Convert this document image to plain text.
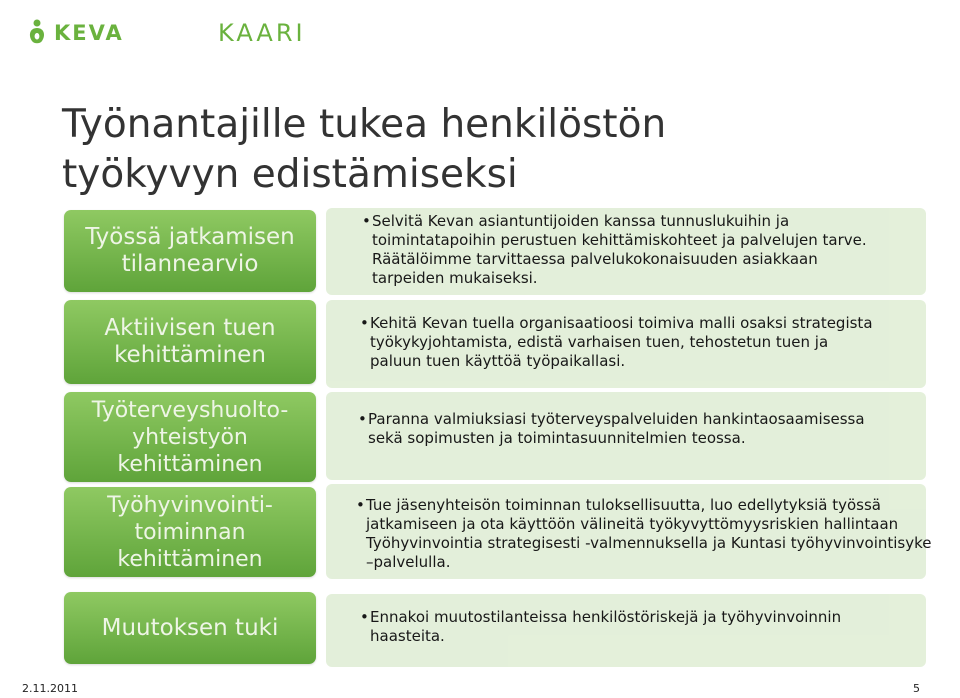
KEVA	KAARI
Työnantajille tukea henkilöstön
työkyvyn edistämiseksi
• Selvitä Kevan asiantuntijoiden kanssa tunnuslukuihin ja toimintatapoihin perustuen kehittämiskohteet ja palvelujen tarve. Räätälöimme tarvittaessa palvelukokonaisuuden asiakkaan tarpeiden mukaiseksi.
Työssä jatkamisen
tilannearvio
• Kehitä Kevan tuella organisaatioosi toimiva malli osaksi strategista työkykyjohtamista, edistä varhaisen tuen, tehostetun tuen ja paluun tuen käyttöä työpaikallasi.
Aktiivisen tuen
kehittäminen
• Paranna valmiuksiasi työterveyspalveluiden hankintaosaamisessa sekä sopimusten ja toimintasuunnitelmien teossa.
Työterveyshuolto-
yhteistyön
kehittäminen
• Tue jäsenyhteisön toiminnan tuloksellisuutta, luo edellytyksiä työssä jatkamiseen ja ota käyttöön välineitä työkyvyttömyysriskien hallintaan Työhyvinvointia strategisesti -valmennuksella ja Kuntasi työhyvinvointisyke –palvelulla.
Työhyvinvointi-
toiminnan
kehittäminen
• Ennakoi muutostilanteissa henkilöstöriskejä ja työhyvinvoinnin haasteita.
Muutoksen tuki
2.11.2011	5
